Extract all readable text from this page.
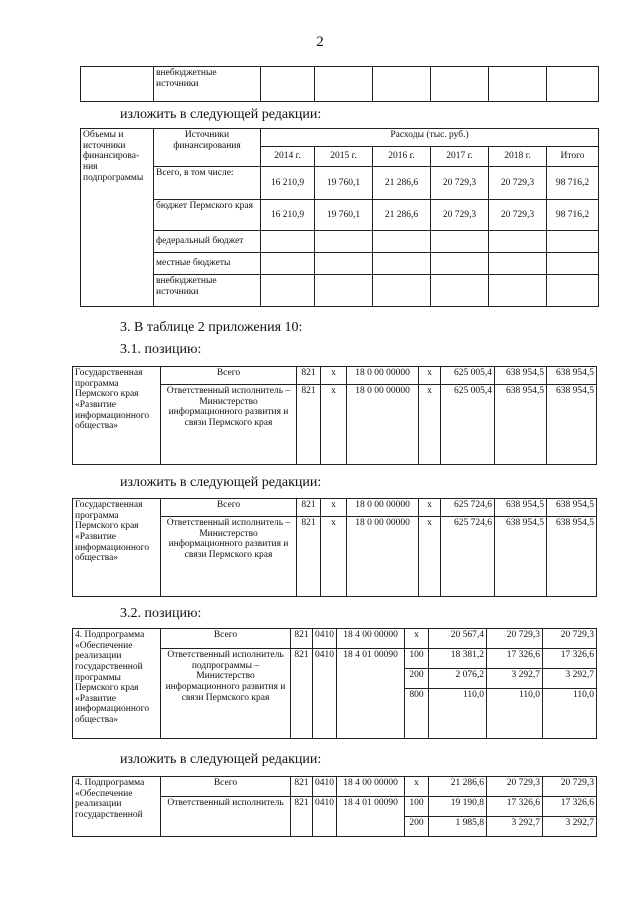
2
	внебюджетные источники						
изложить в следующей редакции:
Объемы и источники финансирова-ния подпрограммы	Источники финансирования	Расходы (тыс. руб.)					
		2014 г.	2015 г.	2016 г.	2017 г.	2018 г.	Итого
	Всего, в том числе:	16 210,9	19 760,1	21 286,6	20 729,3	20 729,3	98 716,2
	бюджет Пермского края	16 210,9	19 760,1	21 286,6	20 729,3	20 729,3	98 716,2
	федеральный бюджет						
	местные бюджеты						
	внебюджетные источники						
3. В таблице 2 приложения 10:
3.1. позицию:
Государственная программа Пермского края «Развитие информационного общества»	Всего	821	х	18 0 00 00000	х	625 005,4	638 954,5	638 954,5
	Ответственный исполнитель – Министерство информационного развития и связи Пермского края	821	х	18 0 00 00000	х	625 005,4	638 954,5	638 954,5
изложить в следующей редакции:
Государственная программа Пермского края «Развитие информационного общества»	Всего	821	х	18 0 00 00000	х	625 724,6	638 954,5	638 954,5
	Ответственный исполнитель – Министерство информационного развития и связи Пермского края	821	х	18 0 00 00000	х	625 724,6	638 954,5	638 954,5
3.2. позицию:
4. Подпрограмма «Обеспечение реализации государственной программы Пермского края «Развитие информационного общества»	Всего	821	0410	18 4 00 00000	х	20 567,4	20 729,3	20 729,3
	Ответственный исполнитель подпрограммы – Министерство информационного развития и связи Пермского края	821	0410	18 4 01 00090	100	18 381,2	17 326,6	17 326,6
					200	2 076,2	3 292,7	3 292,7
					800	110,0	110,0	110,0
изложить в следующей редакции:
4. Подпрограмма «Обеспечение реализации государственной	Всего	821	0410	18 4 00 00000	х	21 286,6	20 729,3	20 729,3
	Ответственный исполнитель	821	0410	18 4 01 00090	100	19 190,8	17 326,6	17 326,6
					200	1 985,8	3 292,7	3 292,7
